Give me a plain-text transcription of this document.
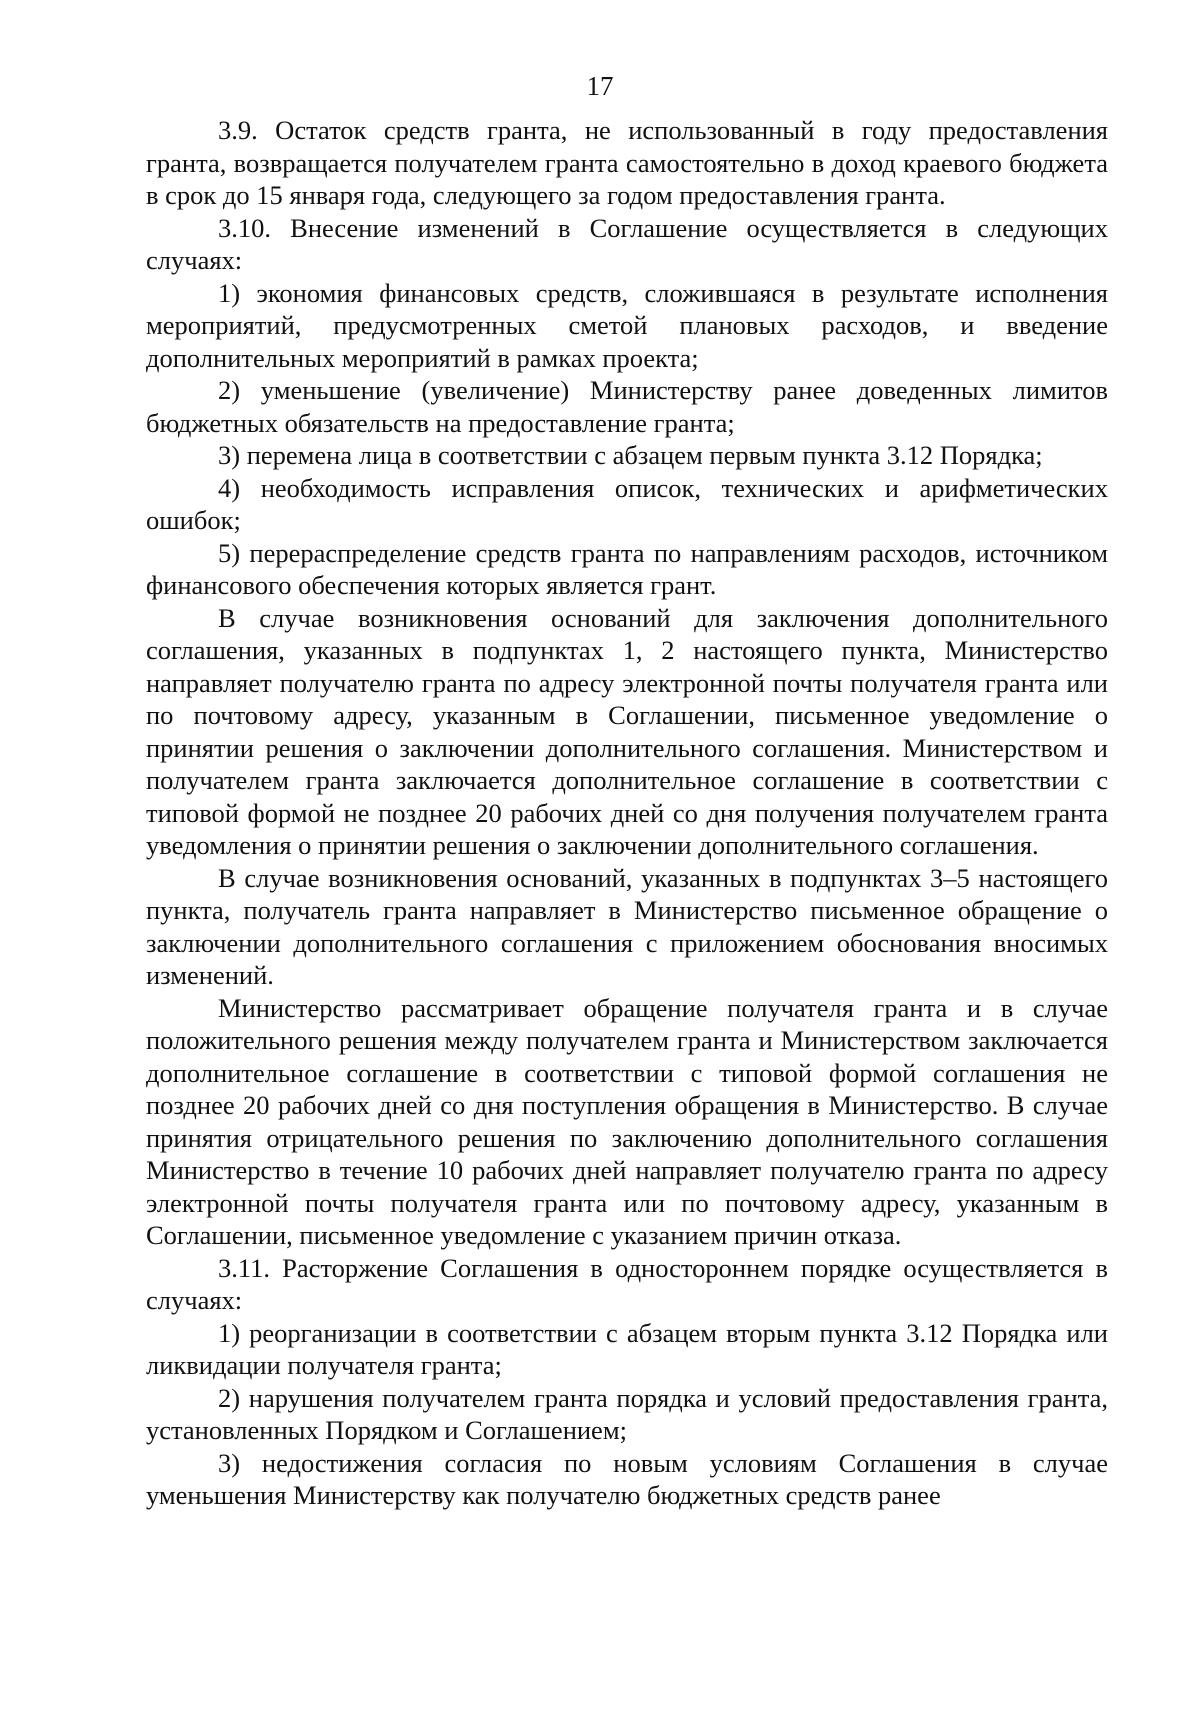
17

3.9. Остаток средств гранта, не использованный в году предоставления гранта, возвращается получателем гранта самостоятельно в доход краевого бюджета в срок до 15 января года, следующего за годом предоставления гранта.

3.10. Внесение изменений в Соглашение осуществляется в следующих случаях:

1) экономия финансовых средств, сложившаяся в результате исполнения мероприятий, предусмотренных сметой плановых расходов, и введение дополнительных мероприятий в рамках проекта;

2) уменьшение (увеличение) Министерству ранее доведенных лимитов бюджетных обязательств на предоставление гранта;

3) перемена лица в соответствии с абзацем первым пункта 3.12 Порядка;

4) необходимость исправления описок, технических и арифметических ошибок;

5) перераспределение средств гранта по направлениям расходов, источником финансового обеспечения которых является грант.

В случае возникновения оснований для заключения дополнительного соглашения, указанных в подпунктах 1, 2 настоящего пункта, Министерство направляет получателю гранта по адресу электронной почты получателя гранта или по почтовому адресу, указанным в Соглашении, письменное уведомление о принятии решения о заключении дополнительного соглашения. Министерством и получателем гранта заключается дополнительное соглашение в соответствии с типовой формой не позднее 20 рабочих дней со дня получения получателем гранта уведомления о принятии решения о заключении дополнительного соглашения.

В случае возникновения оснований, указанных в подпунктах 3–5 настоящего пункта, получатель гранта направляет в Министерство письменное обращение о заключении дополнительного соглашения с приложением обоснования вносимых изменений.

Министерство рассматривает обращение получателя гранта и в случае положительного решения между получателем гранта и Министерством заключается дополнительное соглашение в соответствии с типовой формой соглашения не позднее 20 рабочих дней со дня поступления обращения в Министерство. В случае принятия отрицательного решения по заключению дополнительного соглашения Министерство в течение 10 рабочих дней направляет получателю гранта по адресу электронной почты получателя гранта или по почтовому адресу, указанным в Соглашении, письменное уведомление с указанием причин отказа.

3.11. Расторжение Соглашения в одностороннем порядке осуществляется в случаях:

1) реорганизации в соответствии с абзацем вторым пункта 3.12 Порядка или ликвидации получателя гранта;

2) нарушения получателем гранта порядка и условий предоставления гранта, установленных Порядком и Соглашением;

3) недостижения согласия по новым условиям Соглашения в случае уменьшения Министерству как получателю бюджетных средств ранее
